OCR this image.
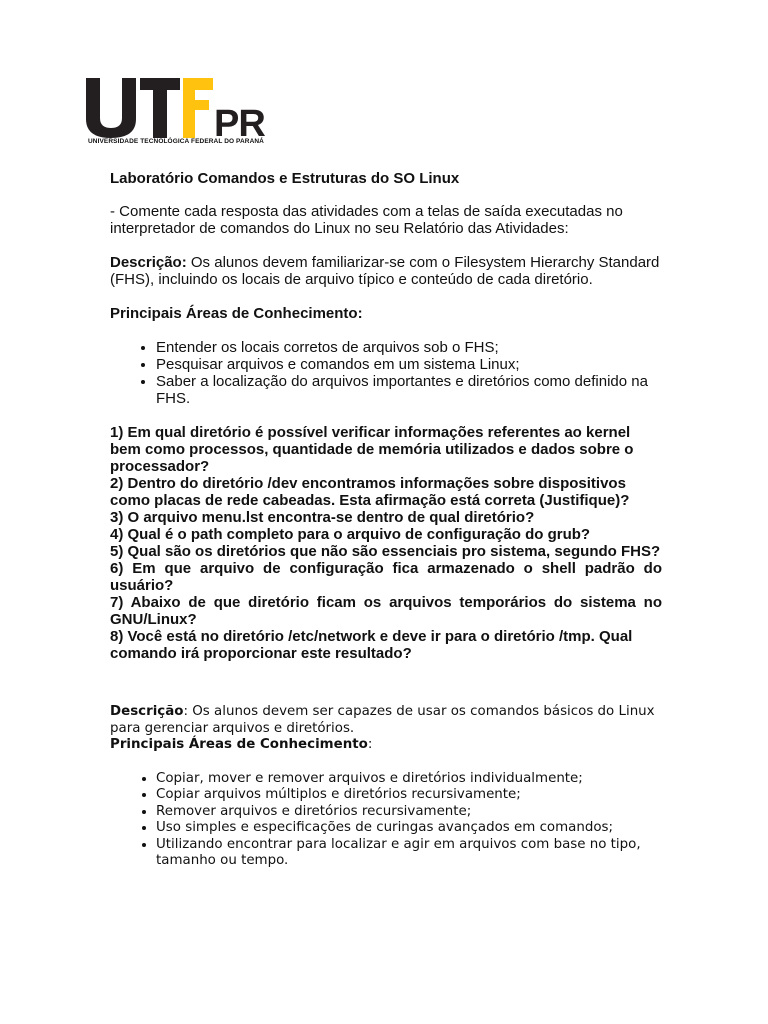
PR
UNIVERSIDADE TECNOLÓGICA FEDERAL DO PARANÁ

Laboratório Comandos e Estruturas do SO Linux

- Comente cada resposta das atividades com a telas de saída executadas no interpretador de comandos do Linux no seu Relatório das Atividades:

Descrição: Os alunos devem familiarizar-se com o Filesystem Hierarchy Standard (FHS), incluindo os locais de arquivo típico e conteúdo de cada diretório.

Principais Áreas de Conhecimento:

• Entender os locais corretos de arquivos sob o FHS;
• Pesquisar arquivos e comandos em um sistema Linux;
• Saber a localização do arquivos importantes e diretórios como definido na FHS.

1) Em qual diretório é possível verificar informações referentes ao kernel bem como processos, quantidade de memória utilizados e dados sobre o processador?

2) Dentro do diretório /dev encontramos informações sobre dispositivos como placas de rede cabeadas. Esta afirmação está correta (Justifique)?

3) O arquivo menu.lst encontra-se dentro de qual diretório?

4) Qual é o path completo para o arquivo de configuração do grub?

5) Qual são os diretórios que não são essenciais pro sistema, segundo FHS?

6) Em que arquivo de configuração fica armazenado o shell padrão do usuário?

7) Abaixo de que diretório ficam os arquivos temporários do sistema no GNU/Linux?

8) Você está no diretório /etc/network e deve ir para o diretório /tmp. Qual comando irá proporcionar este resultado?

Descrição: Os alunos devem ser capazes de usar os comandos básicos do Linux para gerenciar arquivos e diretórios.

Principais Áreas de Conhecimento:

• Copiar, mover e remover arquivos e diretórios individualmente;
• Copiar arquivos múltiplos e diretórios recursivamente;
• Remover arquivos e diretórios recursivamente;
• Uso simples e especificações de curingas avançados em comandos;
• Utilizando encontrar para localizar e agir em arquivos com base no tipo, tamanho ou tempo.
